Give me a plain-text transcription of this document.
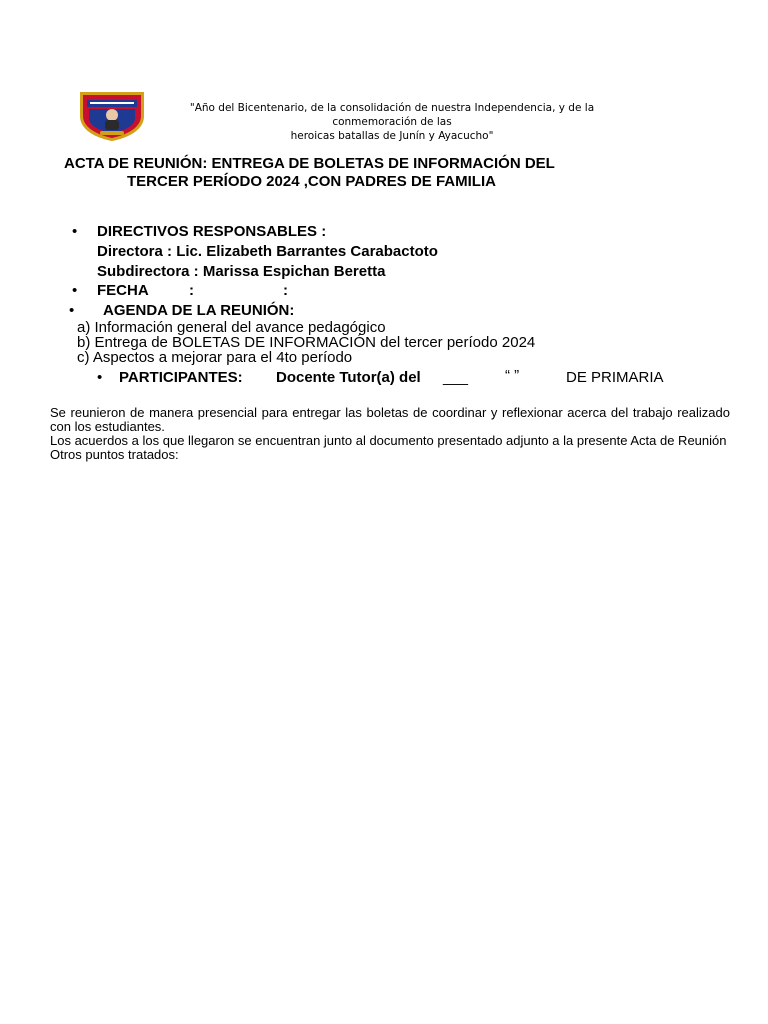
"Año del Bicentenario, de la consolidación de nuestra Independencia, y de la conmemoración de las
heroicas batallas de Junín y Ayacucho"
ACTA DE REUNIÓN: ENTREGA DE BOLETAS DE INFORMACIÓN DEL
TERCER PERÍODO 2024 ,CON PADRES DE FAMILIA
• DIRECTIVOS RESPONSABLES :
Directora : Lic. Elizabeth Barrantes Carabactoto
Subdirectora : Marissa Espichan Beretta
• FECHA	:	:
• AGENDA DE LA REUNIÓN:
a) Información general del avance pedagógico
b) Entrega de BOLETAS DE INFORMACIÓN del tercer período 2024
c) Aspectos a mejorar para el 4to período
• PARTICIPANTES: Docente Tutor(a) del ___ “ ”	DE PRIMARIA
Se reunieron de manera presencial para entregar las boletas de coordinar y reflexionar acerca del trabajo realizado con los estudiantes.
Los acuerdos a los que llegaron se encuentran junto al documento presentado adjunto a la presente Acta de Reunión
Otros puntos tratados:
